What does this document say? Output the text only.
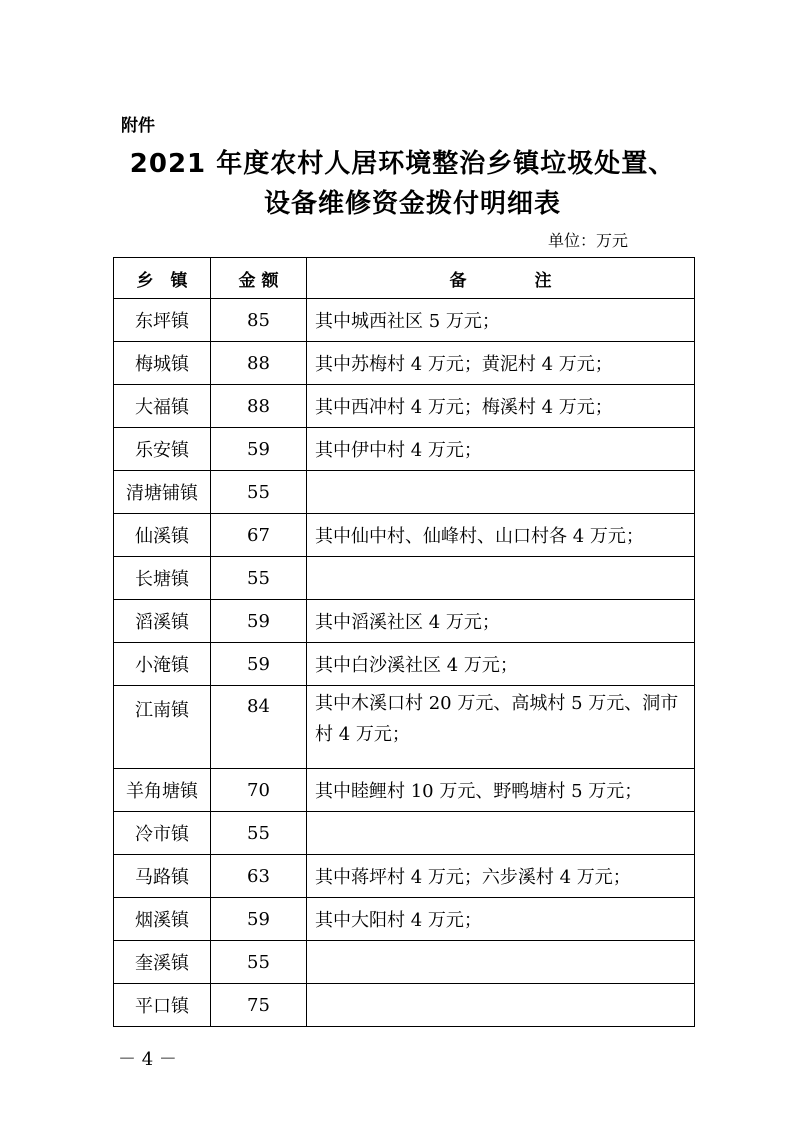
附件
2021 年度农村人居环境整治乡镇垃圾处置、
设备维修资金拨付明细表
单位：万元
乡　镇	金 额	备　　　　注
东坪镇	85	其中城西社区 5 万元；
梅城镇	88	其中苏梅村 4 万元；黄泥村 4 万元；
大福镇	88	其中西冲村 4 万元；梅溪村 4 万元；
乐安镇	59	其中伊中村 4 万元；
清塘铺镇	55	
仙溪镇	67	其中仙中村、仙峰村、山口村各 4 万元；
长塘镇	55	
滔溪镇	59	其中滔溪社区 4 万元；
小淹镇	59	其中白沙溪社区 4 万元；
江南镇	84	其中木溪口村 20 万元、高城村 5 万元、洞市村 4 万元；
羊角塘镇	70	其中睦鲤村 10 万元、野鸭塘村 5 万元；
冷市镇	55	
马路镇	63	其中蒋坪村 4 万元；六步溪村 4 万元；
烟溪镇	59	其中大阳村 4 万元；
奎溪镇	55	
平口镇	75	
－ 4 －
